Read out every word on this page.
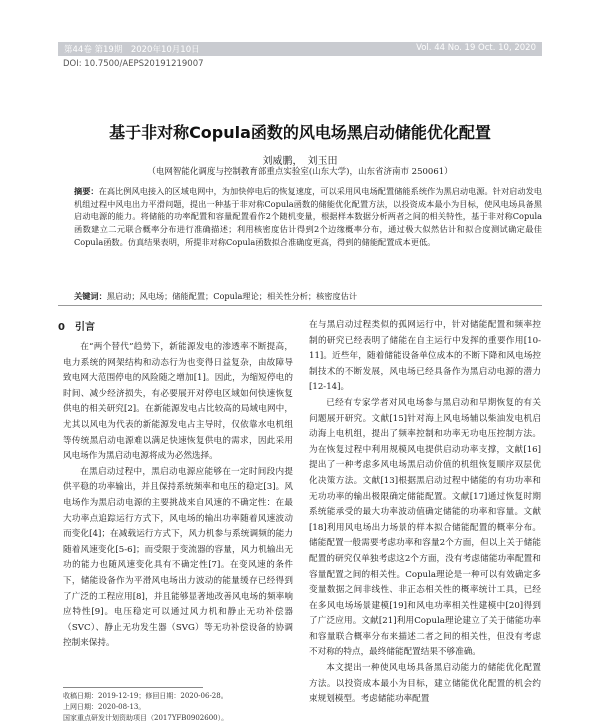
第44卷 第19期　2020年10月10日	Vol. 44 No. 19 Oct. 10, 2020
DOI: 10.7500/AEPS20191219007
基于非对称Copula函数的风电场黑启动储能优化配置
刘威鹏，　刘玉田
（电网智能化调度与控制教育部重点实验室(山东大学)，山东省济南市 250061）
摘要：在高比例风电接入的区域电网中，为加快停电后的恢复速度，可以采用风电场配置储能系统作为黑启动电源。针对启动发电机组过程中风电出力平滑问题，提出一种基于非对称Copula函数的储能优化配置方法，以投资成本最小为目标，使风电场具备黑启动电源的能力。将储能的功率配置和容量配置看作2个随机变量，根据样本数据分析两者之间的相关特性，基于非对称Copula函数建立二元联合概率分布进行准确描述；利用核密度估计得到2个边缘概率分布，通过极大似然估计和拟合度测试确定最佳Copula函数。仿真结果表明，所提非对称Copula函数拟合准确度更高，得到的储能配置成本更低。
关键词：黑启动；风电场；储能配置；Copula理论；相关性分析；核密度估计
0　引言

在“两个替代”趋势下，新能源发电的渗透率不断提高，电力系统的网架结构和动态行为也变得日益复杂，由故障导致电网大范围停电的风险随之增加[1]。因此，为缩短停电的时间、减少经济损失，有必要展开对停电区域如何快速恢复供电的相关研究[2]。在新能源发电占比较高的局域电网中，尤其以风电为代表的新能源发电占主导时，仅依靠水电机组等传统黑启动电源难以满足快速恢复供电的需求，因此采用风电场作为黑启动电源将成为必然选择。

在黑启动过程中，黑启动电源应能够在一定时间段内提供平稳的功率输出，并且保持系统频率和电压的稳定[3]。风电场作为黑启动电源的主要挑战来自风速的不确定性：在最大功率点追踪运行方式下，风电场的输出功率随着风速波动而变化[4]；在减载运行方式下，风力机参与系统调频的能力随着风速变化[5-6]；而受限于变流器的容量，风力机输出无功的能力也随风速变化具有不确定性[7]。在变风速的条件下，储能设备作为平滑风电场出力波动的能量缓存已经得到了广泛的工程应用[8]，并且能够显著地改善风电场的频率响应特性[9]。电压稳定可以通过风力机和静止无功补偿器（SVC）、静止无功发生器（SVG）等无功补偿设备的协调控制来保持。

在与黑启动过程类似的孤网运行中，针对储能配置和频率控制的研究已经表明了储能在自主运行中发挥的重要作用[10-11]。近些年，随着储能设备单位成本的不断下降和风电场控制技术的不断发展，风电场已经具备作为黑启动电源的潜力[12-14]。

已经有专家学者对风电场参与黑启动和早期恢复的有关问题展开研究。文献[15]针对海上风电场辅以柴油发电机启动海上电机组，提出了频率控制和功率无功电压控制方法。为在恢复过程中利用规模风电提供启动功率支撑，文献[16]提出了一种考虑多风电场黑启动价值的机组恢复顺序双层优化决策方法。文献[13]根据黑启动过程中储能的有功功率和无功功率的输出极限确定储能配置。文献[17]通过恢复时期系统能承受的最大功率波动值确定储能的功率和容量。文献[18]利用风电场出力场景的样本拟合储能配置的概率分布。储能配置一般需要考虑功率和容量2个方面，但以上关于储能配置的研究仅单独考虑这2个方面，没有考虑储能功率配置和容量配置之间的相关性。Copula理论是一种可以有效确定多变量数据之间非线性、非正态相关性的概率统计工具，已经在多风电场场景建模[19]和风电功率相关性建模中[20]得到了广泛应用。文献[21]利用Copula理论建立了关于储能功率和容量联合概率分布来描述二者之间的相关性，但没有考虑不对称的特点，最终储能配置结果不够准确。

本文提出一种使风电场具备黑启动能力的储能优化配置方法。以投资成本最小为目标，建立储能优化配置的机会约束规划模型。考虑储能功率配置

收稿日期：2019-12-19；修回日期：2020-06-28。
上网日期：2020-08-13。
国家重点研发计划资助项目（2017YFB0902600）。
